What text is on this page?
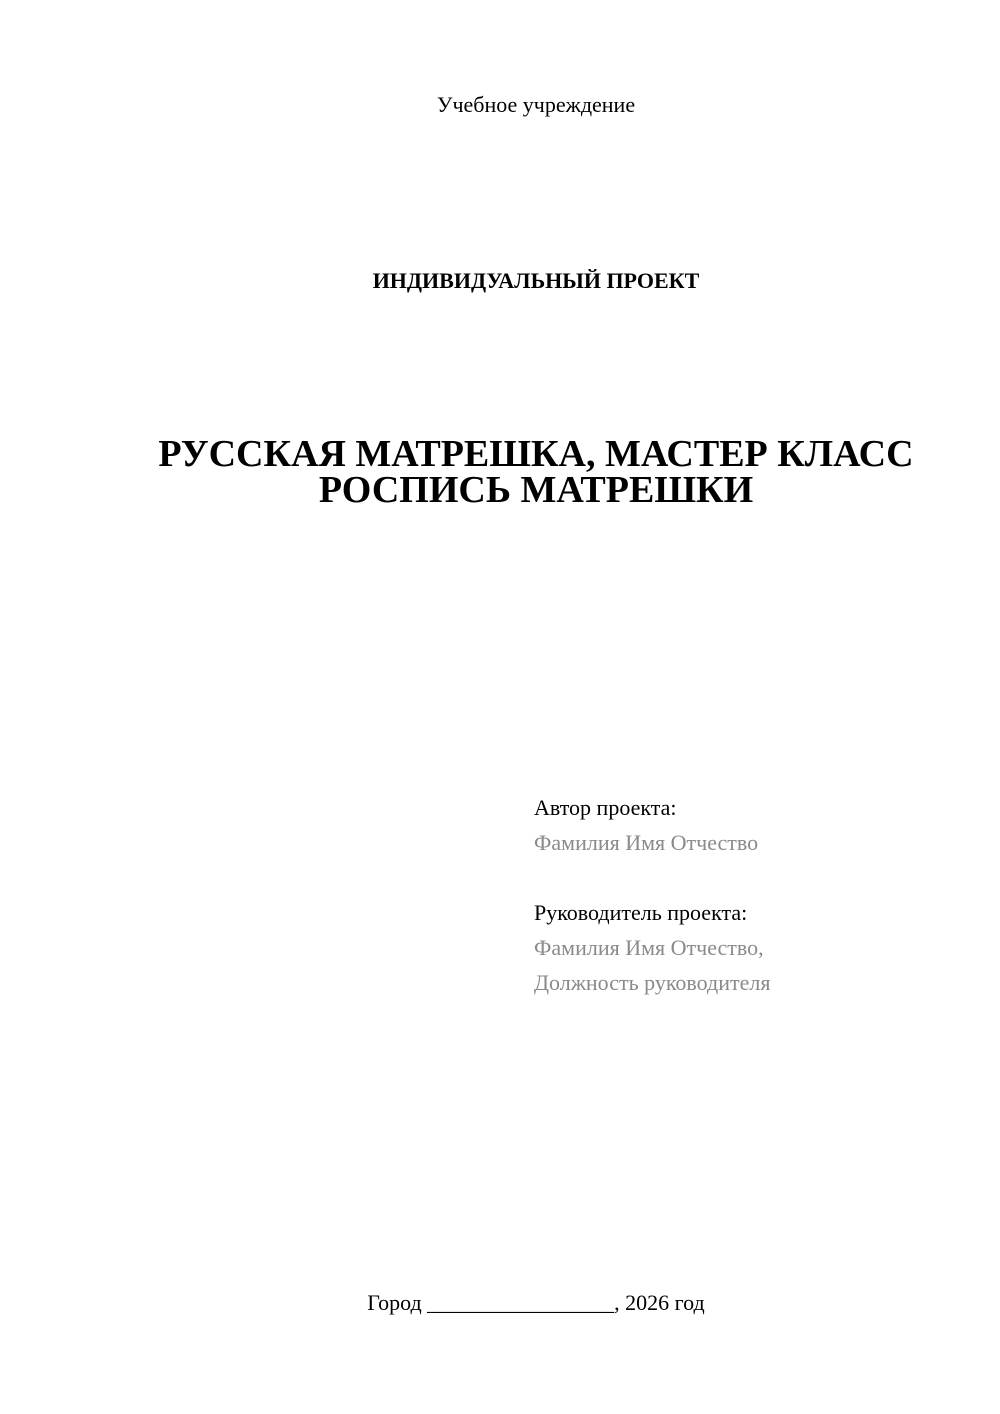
Учебное учреждение
ИНДИВИДУАЛЬНЫЙ ПРОЕКТ
РУССКАЯ МАТРЕШКА, МАСТЕР КЛАСС
РОСПИСЬ МАТРЕШКИ
Автор проекта:
Фамилия Имя Отчество
Руководитель проекта:
Фамилия Имя Отчество,
Должность руководителя
Город _________________, 2026 год
